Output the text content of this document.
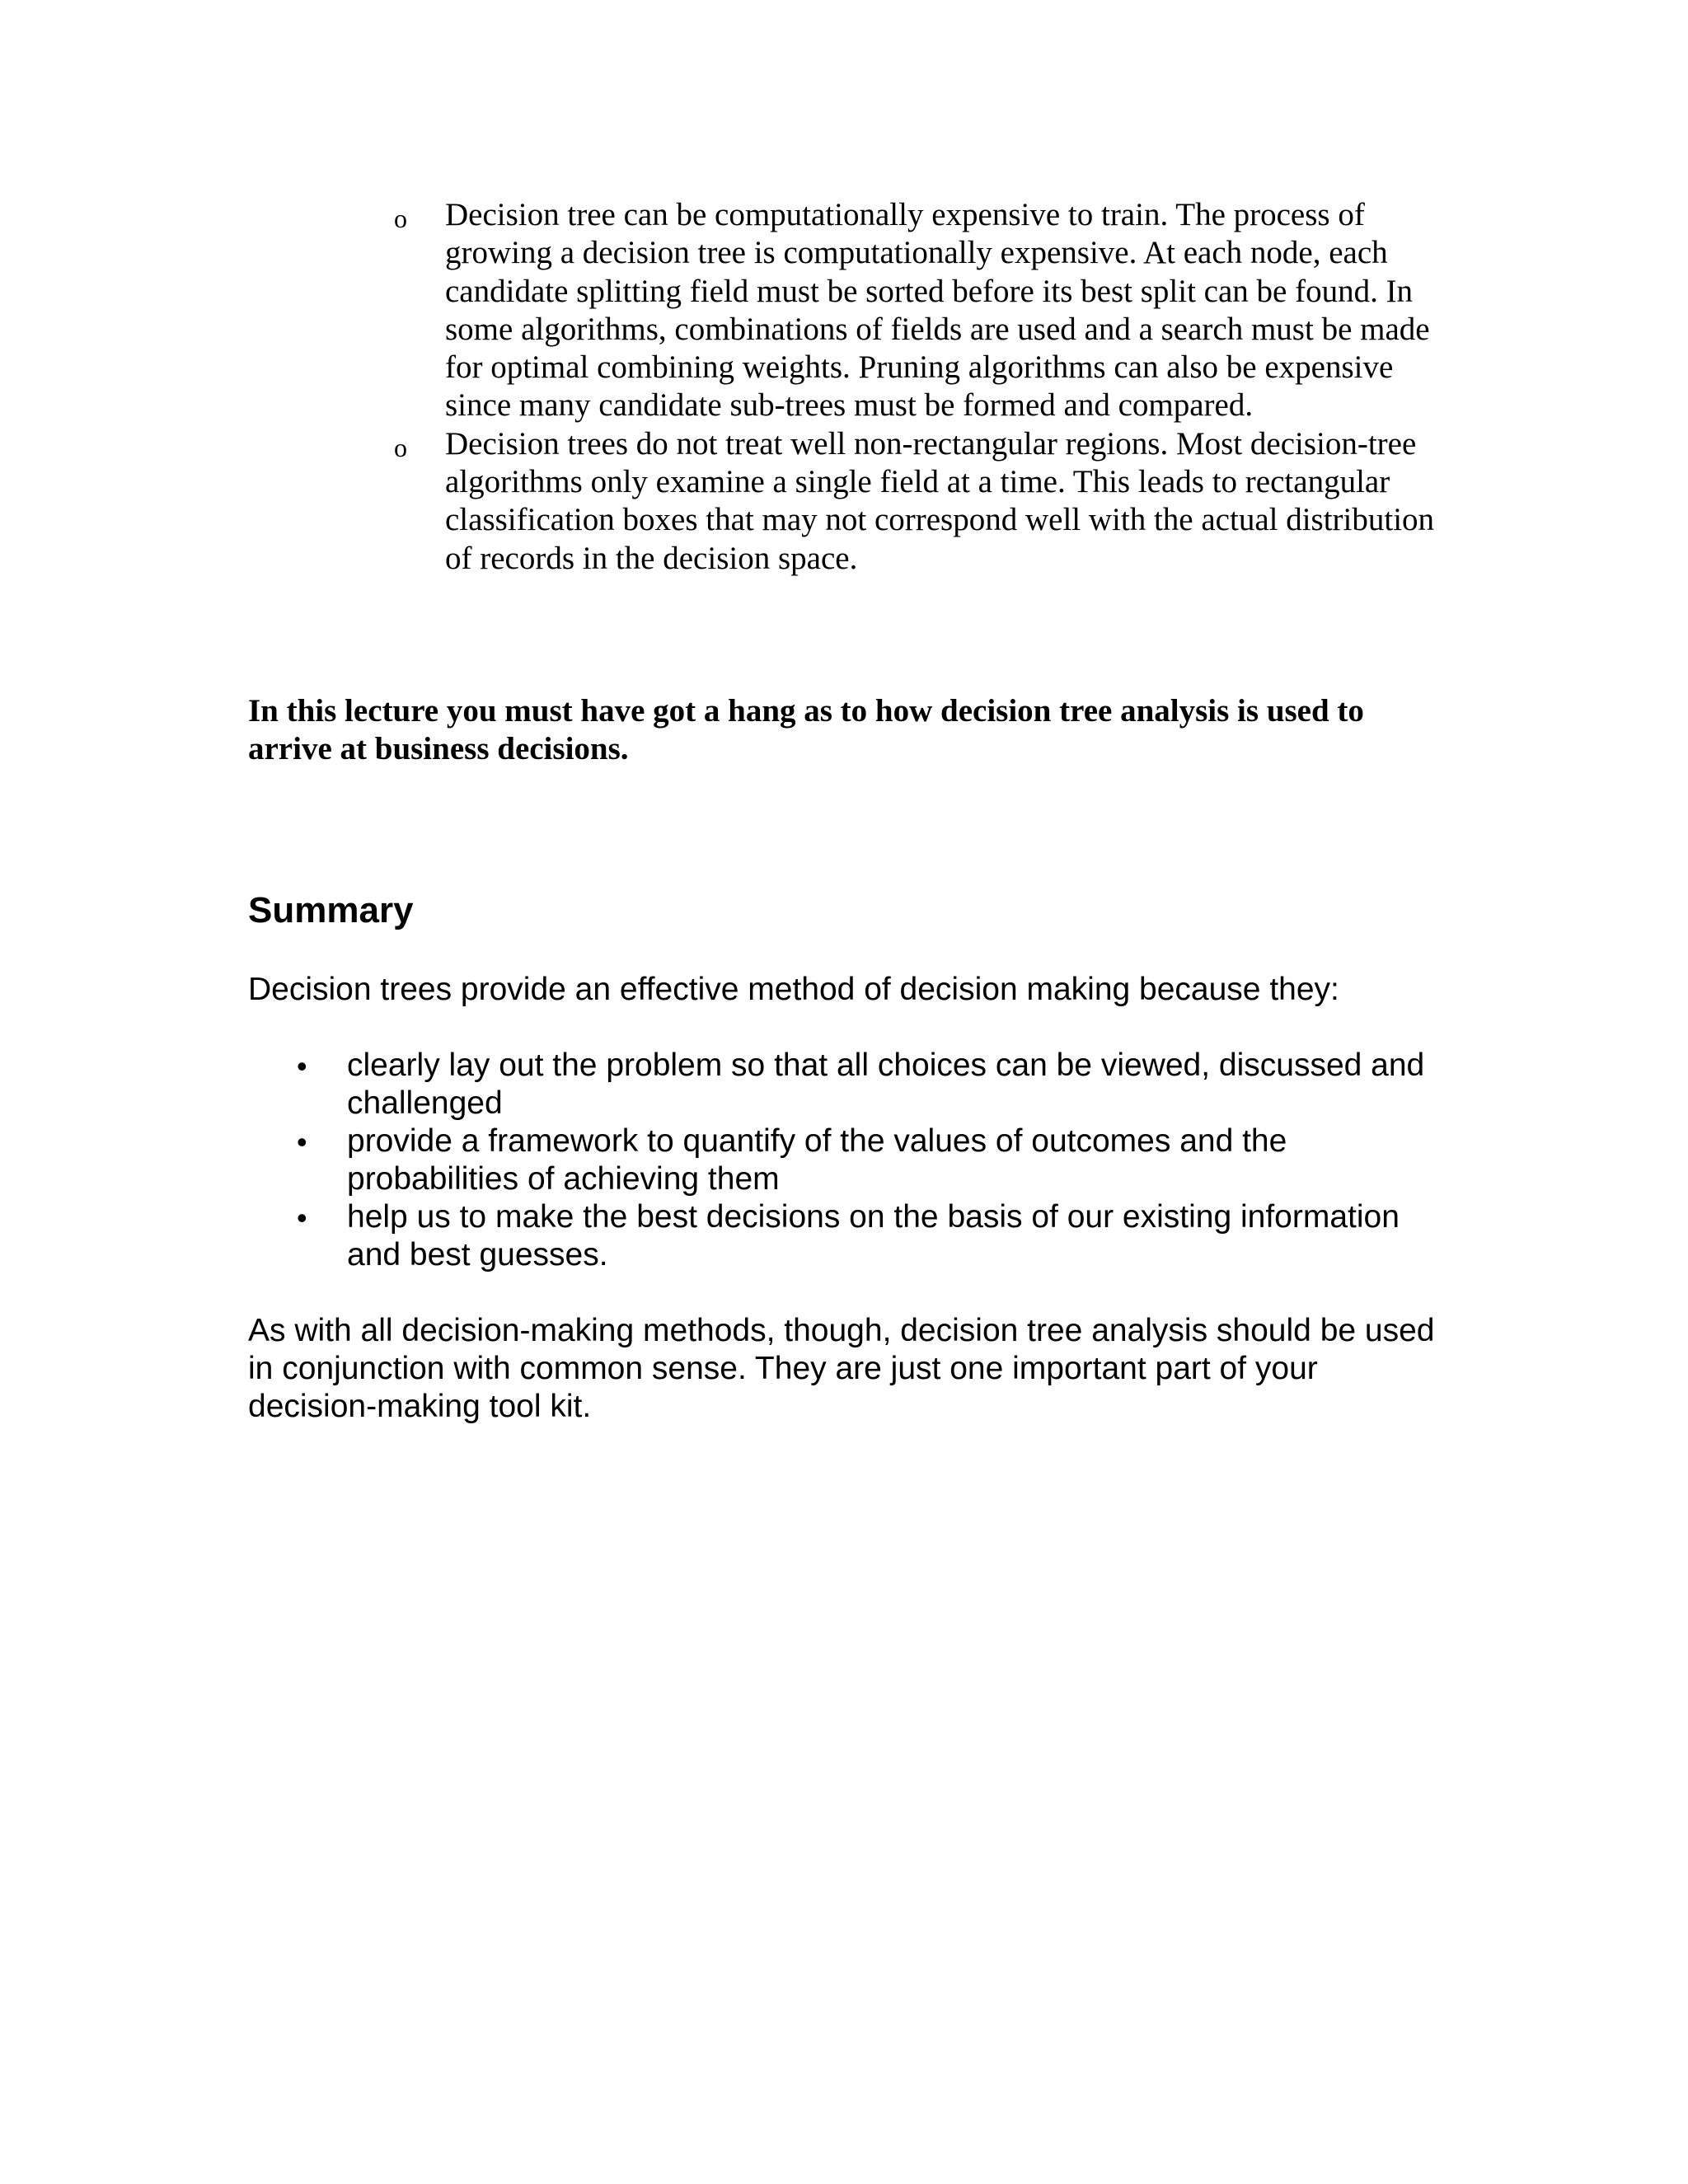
o Decision tree can be computationally expensive to train. The process of growing a decision tree is computationally expensive. At each node, each candidate splitting field must be sorted before its best split can be found. In some algorithms, combinations of fields are used and a search must be made for optimal combining weights. Pruning algorithms can also be expensive since many candidate sub-trees must be formed and compared.
o Decision trees do not treat well non-rectangular regions. Most decision-tree algorithms only examine a single field at a time. This leads to rectangular classification boxes that may not correspond well with the actual distribution of records in the decision space.

In this lecture you must have got a hang as to how decision tree analysis is used to arrive at business decisions.

Summary

Decision trees provide an effective method of decision making because they:

• clearly lay out the problem so that all choices can be viewed, discussed and challenged
• provide a framework to quantify of the values of outcomes and the probabilities of achieving them
• help us to make the best decisions on the basis of our existing information and best guesses.

As with all decision-making methods, though, decision tree analysis should be used in conjunction with common sense. They are just one important part of your decision-making tool kit.
